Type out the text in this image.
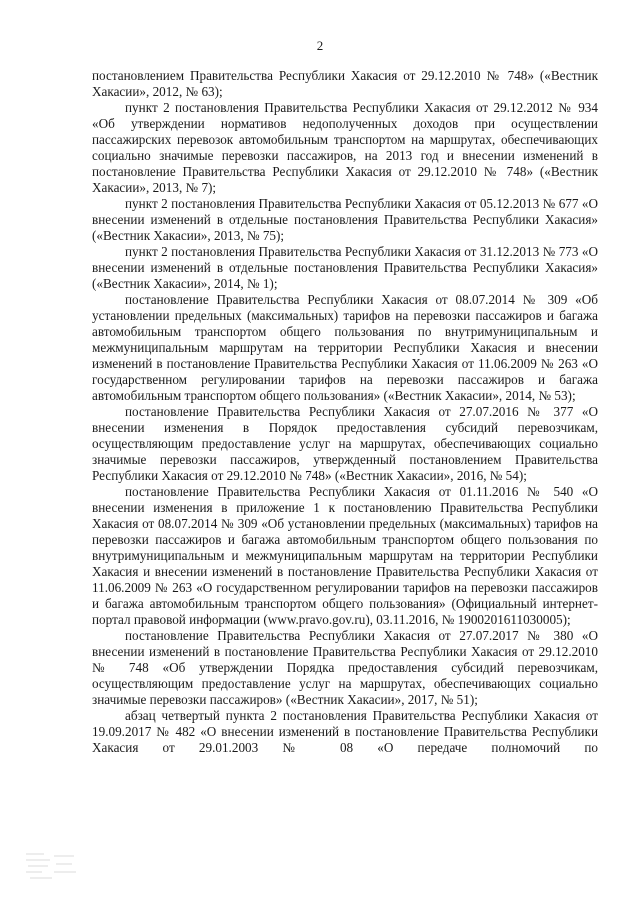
2

постановлением Правительства Республики Хакасия от 29.12.2010 № 748» («Вестник Хакасии», 2012, № 63);

пункт 2 постановления Правительства Республики Хакасия от 29.12.2012 № 934 «Об утверждении нормативов недополученных доходов при осуществлении пассажирских перевозок автомобильным транспортом на маршрутах, обеспечивающих социально значимые перевозки пассажиров, на 2013 год и внесении изменений в постановление Правительства Республики Хакасия от 29.12.2010 № 748» («Вестник Хакасии», 2013, № 7);

пункт 2 постановления Правительства Республики Хакасия от 05.12.2013 № 677 «О внесении изменений в отдельные постановления Правительства Республики Хакасия» («Вестник Хакасии», 2013, № 75);

пункт 2 постановления Правительства Республики Хакасия от 31.12.2013 № 773 «О внесении изменений в отдельные постановления Правительства Республики Хакасия» («Вестник Хакасии», 2014, № 1);

постановление Правительства Республики Хакасия от 08.07.2014 № 309 «Об установлении предельных (максимальных) тарифов на перевозки пассажиров и багажа автомобильным транспортом общего пользования по внутримуниципальным и межмуниципальным маршрутам на территории Республики Хакасия и внесении изменений в постановление Правительства Республики Хакасия от 11.06.2009 № 263 «О государственном регулировании тарифов на перевозки пассажиров и багажа автомобильным транспортом общего пользования» («Вестник Хакасии», 2014, № 53);

постановление Правительства Республики Хакасия от 27.07.2016 № 377 «О внесении изменения в Порядок предоставления субсидий перевозчикам, осуществляющим предоставление услуг на маршрутах, обеспечивающих социально значимые перевозки пассажиров, утвержденный постановлением Правительства Республики Хакасия от 29.12.2010 № 748» («Вестник Хакасии», 2016, № 54);

постановление Правительства Республики Хакасия от 01.11.2016 № 540 «О внесении изменения в приложение 1 к постановлению Правительства Республики Хакасия от 08.07.2014 № 309 «Об установлении предельных (максимальных) тарифов на перевозки пассажиров и багажа автомобильным транспортом общего пользования по внутримуниципальным и межмуниципальным маршрутам на территории Республики Хакасия и внесении изменений в постановление Правительства Республики Хакасия от 11.06.2009 № 263 «О государственном регулировании тарифов на перевозки пассажиров и багажа автомобильным транспортом общего пользования» (Официальный интернет-портал правовой информации (www.pravo.gov.ru), 03.11.2016, № 1900201611030005);

постановление Правительства Республики Хакасия от 27.07.2017 № 380 «О внесении изменений в постановление Правительства Республики Хакасия от 29.12.2010 № 748 «Об утверждении Порядка предоставления субсидий перевозчикам, осуществляющим предоставление услуг на маршрутах, обеспечивающих социально значимые перевозки пассажиров» («Вестник Хакасии», 2017, № 51);

абзац четвертый пункта 2 постановления Правительства Республики Хакасия от 19.09.2017 № 482 «О внесении изменений в постановление Правительства Республики Хакасия от 29.01.2003 № 08 «О передаче полномочий по
